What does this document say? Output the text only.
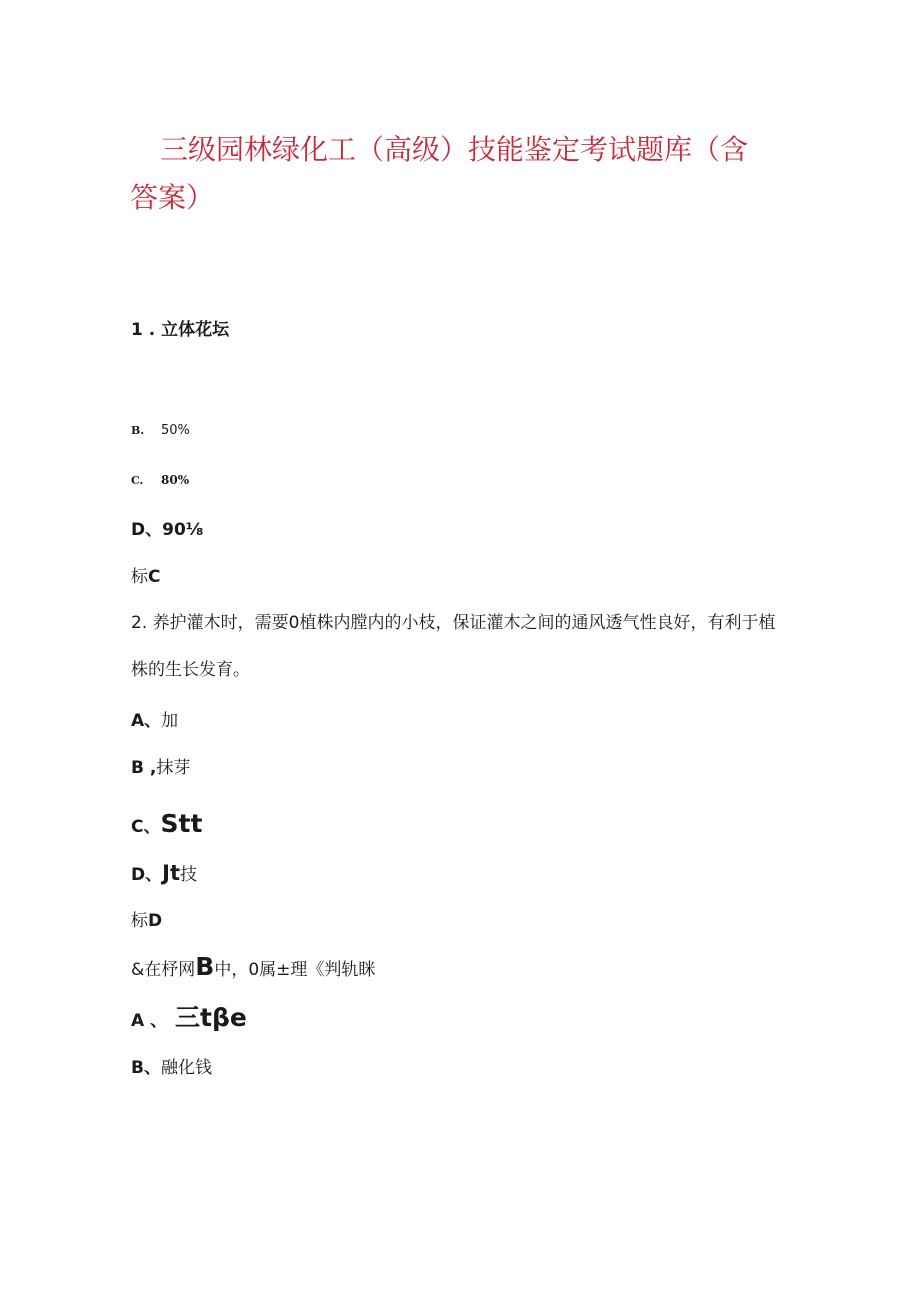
三级园林绿化工（高级）技能鉴定考试题库（含答案）
1 . 立体花坛
B. 50%
C. 80%
D、90⅛
标C
2. 养护灌木时，需要0植株内膛内的小枝，保证灌木之间的通风透气性良好，有利于植
株的生长发育。
A、加
B ,抹芽
C、Stt
D、Jt技
标D
&在杼网B中，0属±理《判轨眯
A 、 三tβe
B、融化钱
